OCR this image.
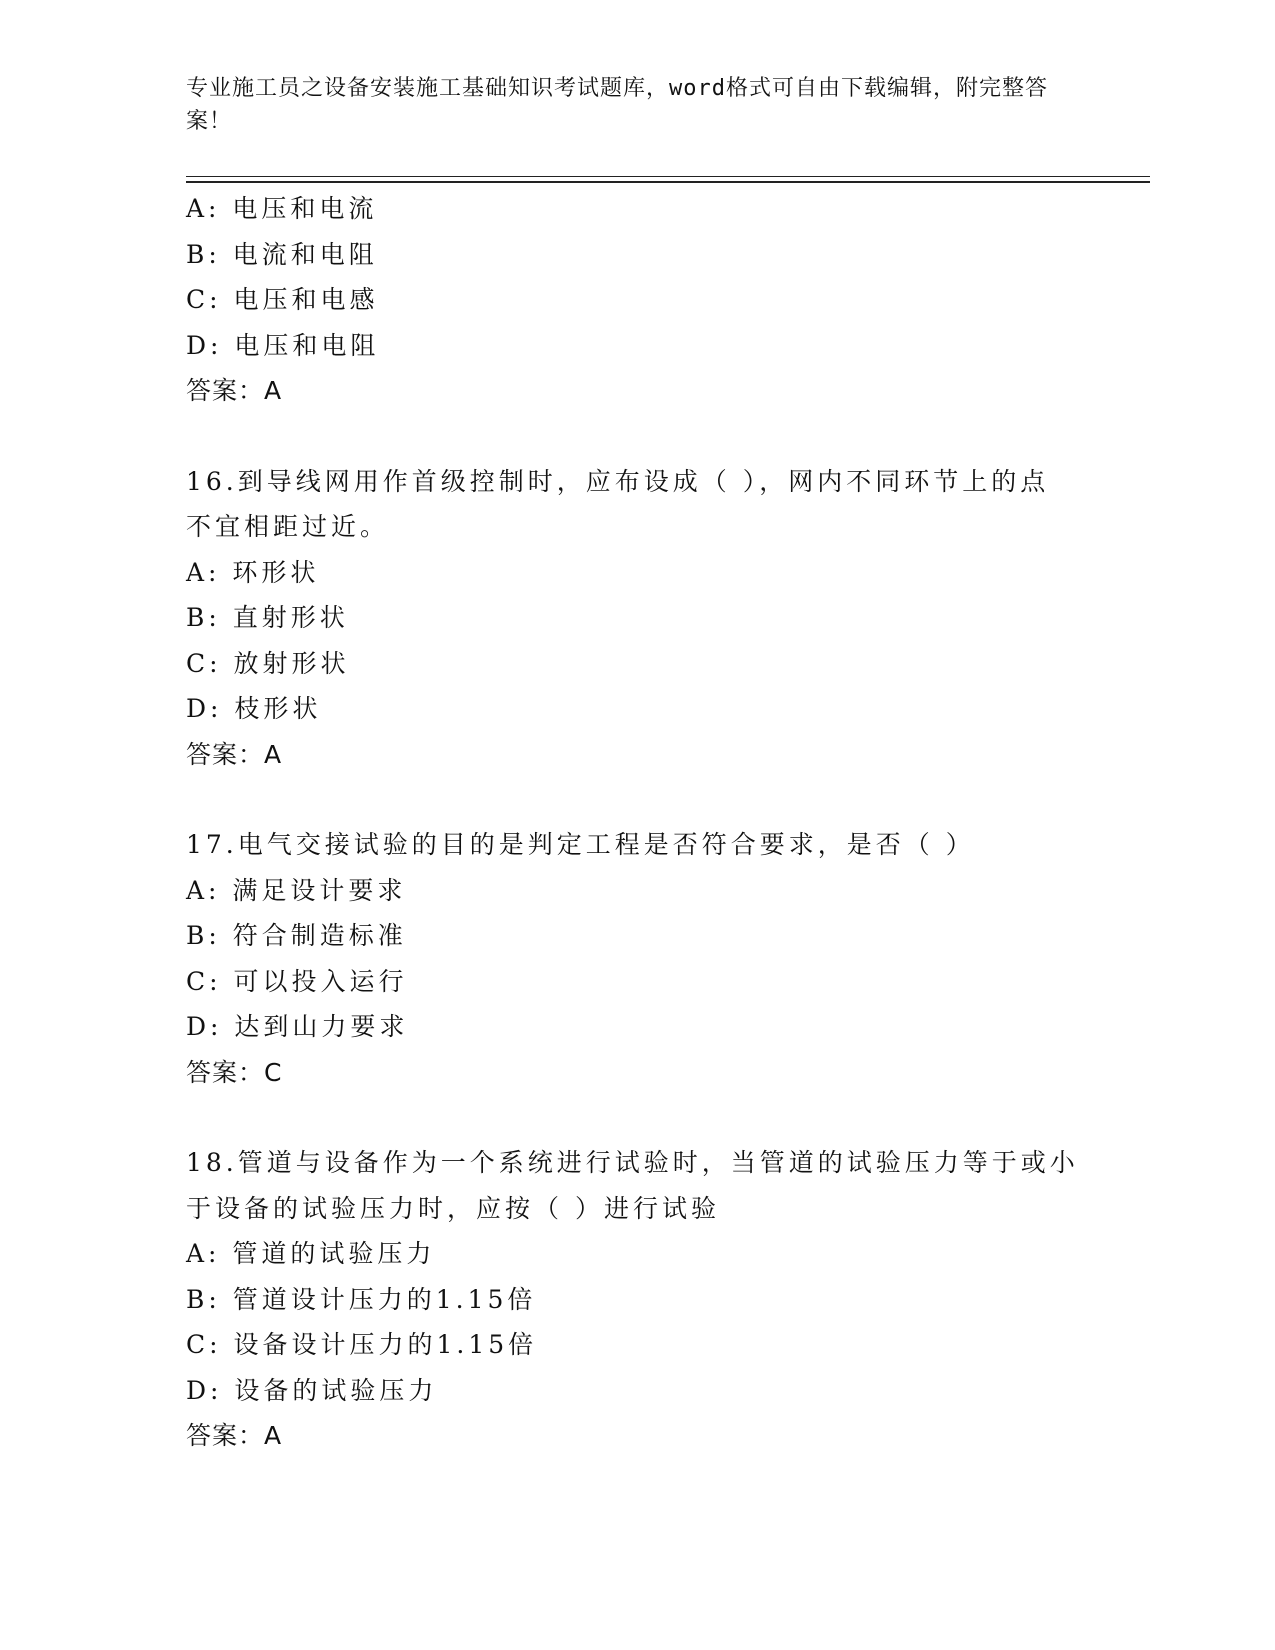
专业施工员之设备安装施工基础知识考试题库，word格式可自由下载编辑，附完整答案！
A: 电压和电流
B: 电流和电阻
C: 电压和电感
D: 电压和电阻
答案：A
16.到导线网用作首级控制时，应布设成（ ），网内不同环节上的点
不宜相距过近。
A: 环形状
B: 直射形状
C: 放射形状
D: 枝形状
答案：A
17.电气交接试验的目的是判定工程是否符合要求，是否（ ）
A: 满足设计要求
B: 符合制造标准
C: 可以投入运行
D: 达到山力要求
答案：C
18.管道与设备作为一个系统进行试验时，当管道的试验压力等于或小
于设备的试验压力时，应按（ ）进行试验
A: 管道的试验压力
B: 管道设计压力的1.15倍
C: 设备设计压力的1.15倍
D: 设备的试验压力
答案：A
